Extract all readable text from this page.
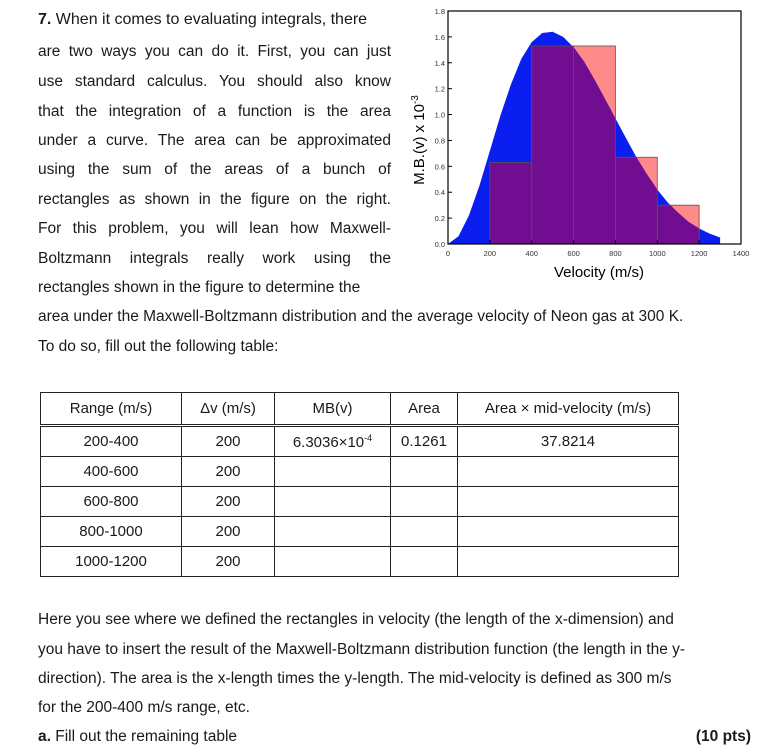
7. When it comes to evaluating integrals, there
are two ways you can do it. First, you can just
use standard calculus. You should also know
that the integration of a function is the area
under a curve. The area can be approximated
using the sum of the areas of a bunch of
rectangles as shown in the figure on the right.
For this problem, you will lean how Maxwell-
Boltzmann integrals really work using the
rectangles shown in the figure to determine the
area under the Maxwell-Boltzmann distribution and the average velocity of Neon gas at 300 K.
To do so, fill out the following table:
M.B.(v) x $10^{-3}$
Velocity (m/s)
0	200	400	600	800	1000	1200	1400
0.0
0.2
0.4
0.6
0.8
1.0
1.2
1.4
1.6
1.8
Range (m/s)	Δv (m/s)	MB(v)	Area	Area × mid-velocity (m/s)
200-400	200	$6.3036\times 10^{-4}$	0.1261	37.8214
400-600	200			
600-800	200			
800-1000	200			
1000-1200	200			
Here you see where we defined the rectangles in velocity (the length of the x-dimension) and
you have to insert the result of the Maxwell-Boltzmann distribution function (the length in the y-
direction). The area is the x-length times the y-length. The mid-velocity is defined as 300 m/s
for the 200-400 m/s range, etc.
a. Fill out the remaining table	(10 pts)
